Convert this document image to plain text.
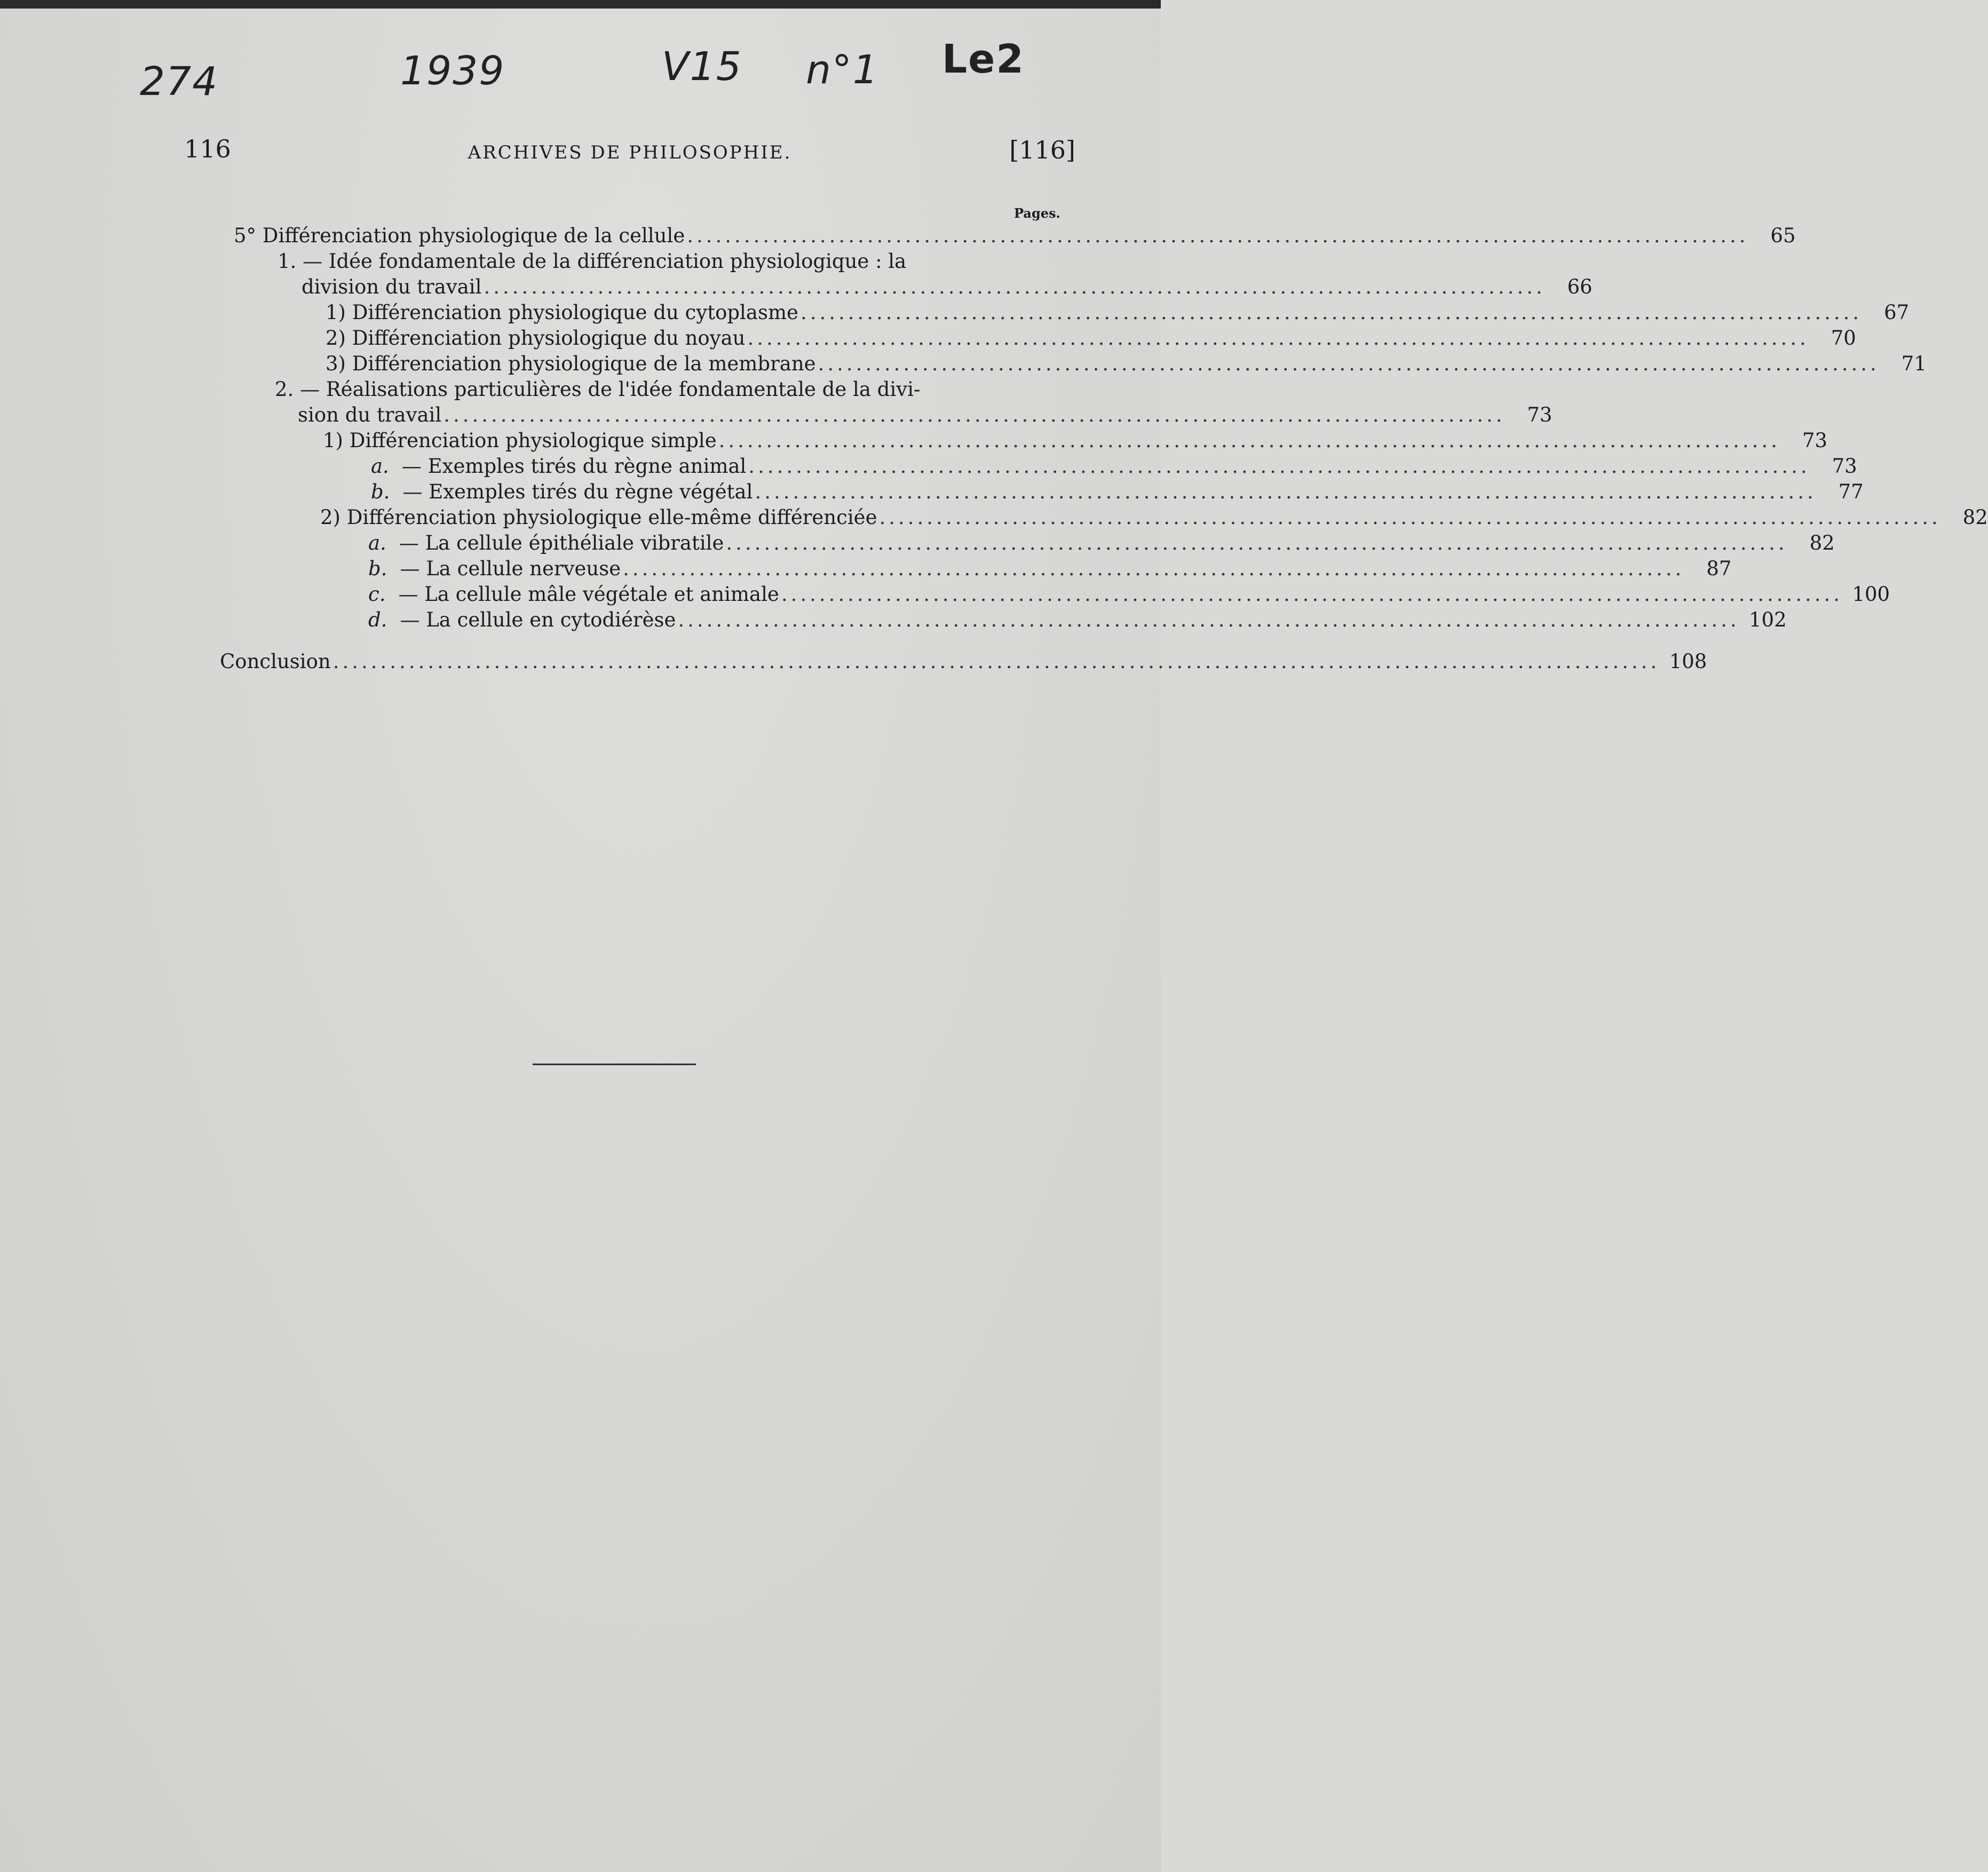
274	1939	V15 n°1 Le2
116	ARCHIVES DE PHILOSOPHIE.	[116]
Pages.
5° Différenciation physiologique de la cellule ................................................................................................................	65
1. — Idée fondamentale de la différenciation physiologique : la
division du travail ................................................................................................................	66
1) Différenciation physiologique du cytoplasme ................................................................................................................	67
2) Différenciation physiologique du noyau ................................................................................................................	70
3) Différenciation physiologique de la membrane ................................................................................................................	71
2. — Réalisations particulières de l'idée fondamentale de la divi-
sion du travail ................................................................................................................	73
1) Différenciation physiologique simple ................................................................................................................	73
a. — Exemples tirés du règne animal ................................................................................................................	73
b. — Exemples tirés du règne végétal ................................................................................................................	77
2) Différenciation physiologique elle-même différenciée ................................................................................................................	82
a. — La cellule épithéliale vibratile ................................................................................................................	82
b. — La cellule nerveuse ................................................................................................................	87
c. — La cellule mâle végétale et animale ................................................................................................................ 100
d. — La cellule en cytodiérèse ................................................................................................................ 102
Conclusion ............................................................................................................................................ 108
